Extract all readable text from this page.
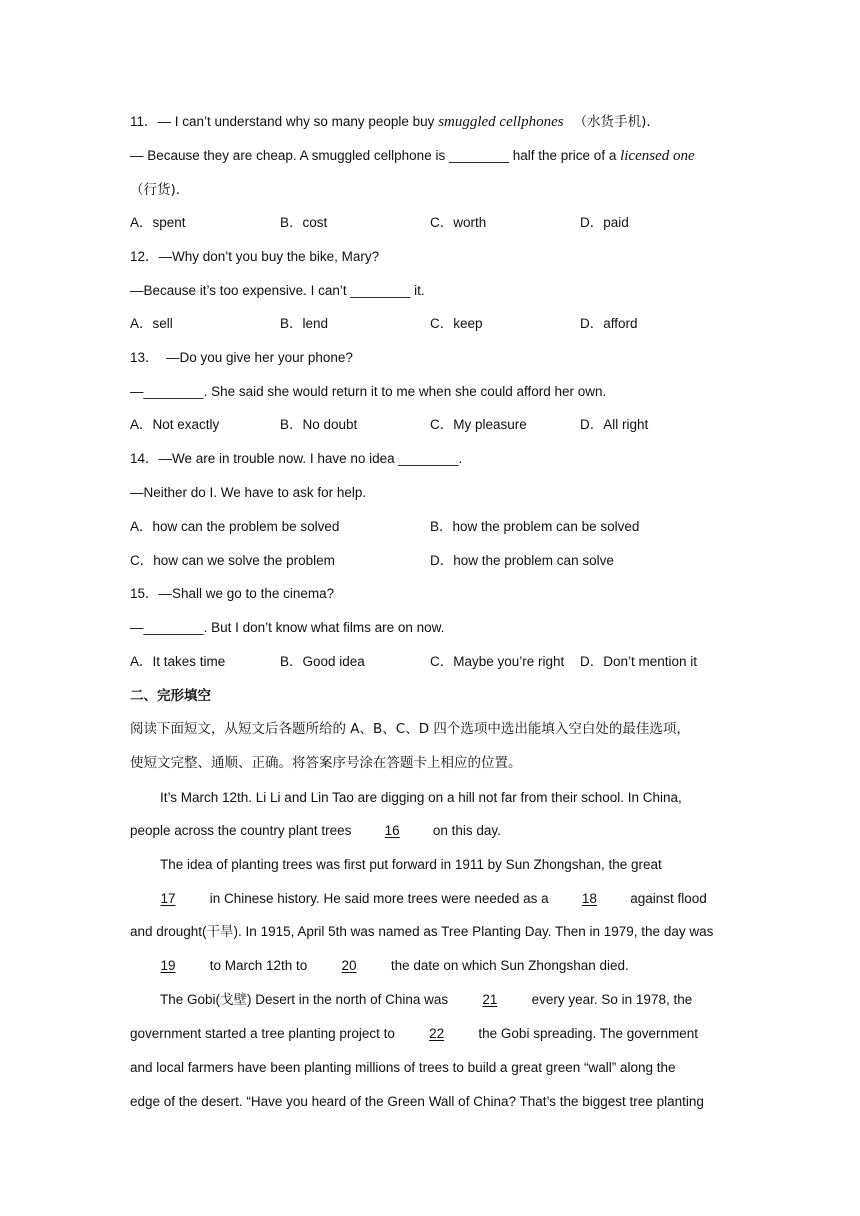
11．— I can’t understand why so many people buy smuggled cellphones （水货手机).
— Because they are cheap. A smuggled cellphone is ________ half the price of a licensed one
（行货).
A．spent	B．cost	C．worth	D．paid
12．—Why don’t you buy the bike, Mary?
—Because it’s too expensive. I can’t ________ it.
A．sell	B．lend	C．keep	D．afford
13．  —Do you give her your phone?
—________. She said she would return it to me when she could afford her own.
A．Not exactly	B．No doubt	C．My pleasure	D．All right
14．—We are in trouble now. I have no idea ________.
—Neither do I. We have to ask for help.
A．how can the problem be solved	B．how the problem can be solved
C．how can we solve the problem	D．how the problem can solve
15．—Shall we go to the cinema?
—________. But I don’t know what films are on now.
A．It takes time	B．Good idea	C．Maybe you’re right D．Don’t mention it
二、完形填空
阅读下面短文，从短文后各题所给的 A、B、C、D 四个选项中选出能填入空白处的最佳选项，
使短文完整、通顺、正确。将答案序号涂在答题卡上相应的位置。
It’s March 12th. Li Li and Lin Tao are digging on a hill not far from their school. In China,
people across the country plant trees 16 on this day.
The idea of planting trees was first put forward in 1911 by Sun Zhongshan, the great
17 in Chinese history. He said more trees were needed as a 18 against flood
and drought(干旱). In 1915, April 5th was named as Tree Planting Day. Then in 1979, the day was
19 to March 12th to 20 the date on which Sun Zhongshan died.
The Gobi(戈壁) Desert in the north of China was 21 every year. So in 1978, the
government started a tree planting project to 22 the Gobi spreading. The government
and local farmers have been planting millions of trees to build a great green “wall” along the
edge of the desert. “Have you heard of the Green Wall of China? That’s the biggest tree planting
